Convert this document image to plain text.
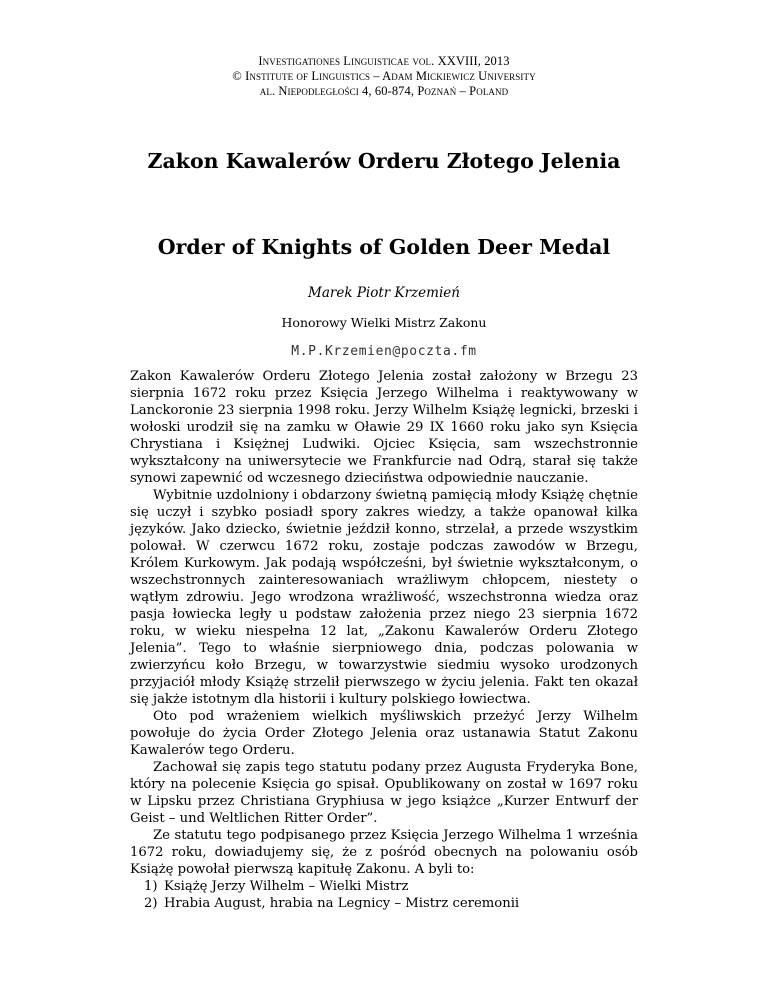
Investigationes Linguisticae vol. XXVIII, 2013
© Institute of Linguistics – Adam Mickiewicz University
al. Niepodległości 4, 60-874, Poznań – Poland
Zakon Kawalerów Orderu Złotego Jelenia
Order of Knights of Golden Deer Medal
Marek Piotr Krzemień
Honorowy Wielki Mistrz Zakonu
M.P.Krzemien@poczta.fm

Zakon Kawalerów Orderu Złotego Jelenia został założony w Brzegu 23 sierpnia 1672 roku przez Księcia Jerzego Wilhelma i reaktywowany w Lanckoronie 23 sierpnia 1998 roku. Jerzy Wilhelm Książę legnicki, brzeski i wołoski urodził się na zamku w Oławie 29 IX 1660 roku jako syn Księcia Chrystiana i Księżnej Ludwiki. Ojciec Księcia, sam wszechstronnie wykształcony na uniwersytecie we Frankfurcie nad Odrą, starał się także synowi zapewnić od wczesnego dzieciństwa odpowiednie nauczanie.

Wybitnie uzdolniony i obdarzony świetną pamięcią młody Książę chętnie się uczył i szybko posiadł spory zakres wiedzy, a także opanował kilka języków. Jako dziecko, świetnie jeździł konno, strzelał, a przede wszystkim polował. W czerwcu 1672 roku, zostaje podczas zawodów w Brzegu, Królem Kurkowym. Jak podają współcześni, był świetnie wykształconym, o wszechstronnych zainteresowaniach wrażliwym chłopcem, niestety o wątłym zdrowiu. Jego wrodzona wrażliwość, wszechstronna wiedza oraz pasja łowiecka legły u podstaw założenia przez niego 23 sierpnia 1672 roku, w wieku niespełna 12 lat, „Zakonu Kawalerów Orderu Złotego Jelenia”. Tego to właśnie sierpniowego dnia, podczas polowania w zwierzyńcu koło Brzegu, w towarzystwie siedmiu wysoko urodzonych przyjaciół młody Książę strzelił pierwszego w życiu jelenia. Fakt ten okazał się jakże istotnym dla historii i kultury polskiego łowiectwa.

Oto pod wrażeniem wielkich myśliwskich przeżyć Jerzy Wilhelm powołuje do życia Order Złotego Jelenia oraz ustanawia Statut Zakonu Kawalerów tego Orderu.

Zachował się zapis tego statutu podany przez Augusta Fryderyka Bone, który na polecenie Księcia go spisał. Opublikowany on został w 1697 roku w Lipsku przez Christiana Gryphiusa w jego książce „Kurzer Entwurf der Geist – und Weltlichen Ritter Order”.

Ze statutu tego podpisanego przez Księcia Jerzego Wilhelma 1 września 1672 roku, dowiadujemy się, że z pośród obecnych na polowaniu osób Książę powołał pierwszą kapitułę Zakonu. A byli to:

1) Książę Jerzy Wilhelm – Wielki Mistrz
2) Hrabia August, hrabia na Legnicy – Mistrz ceremonii
